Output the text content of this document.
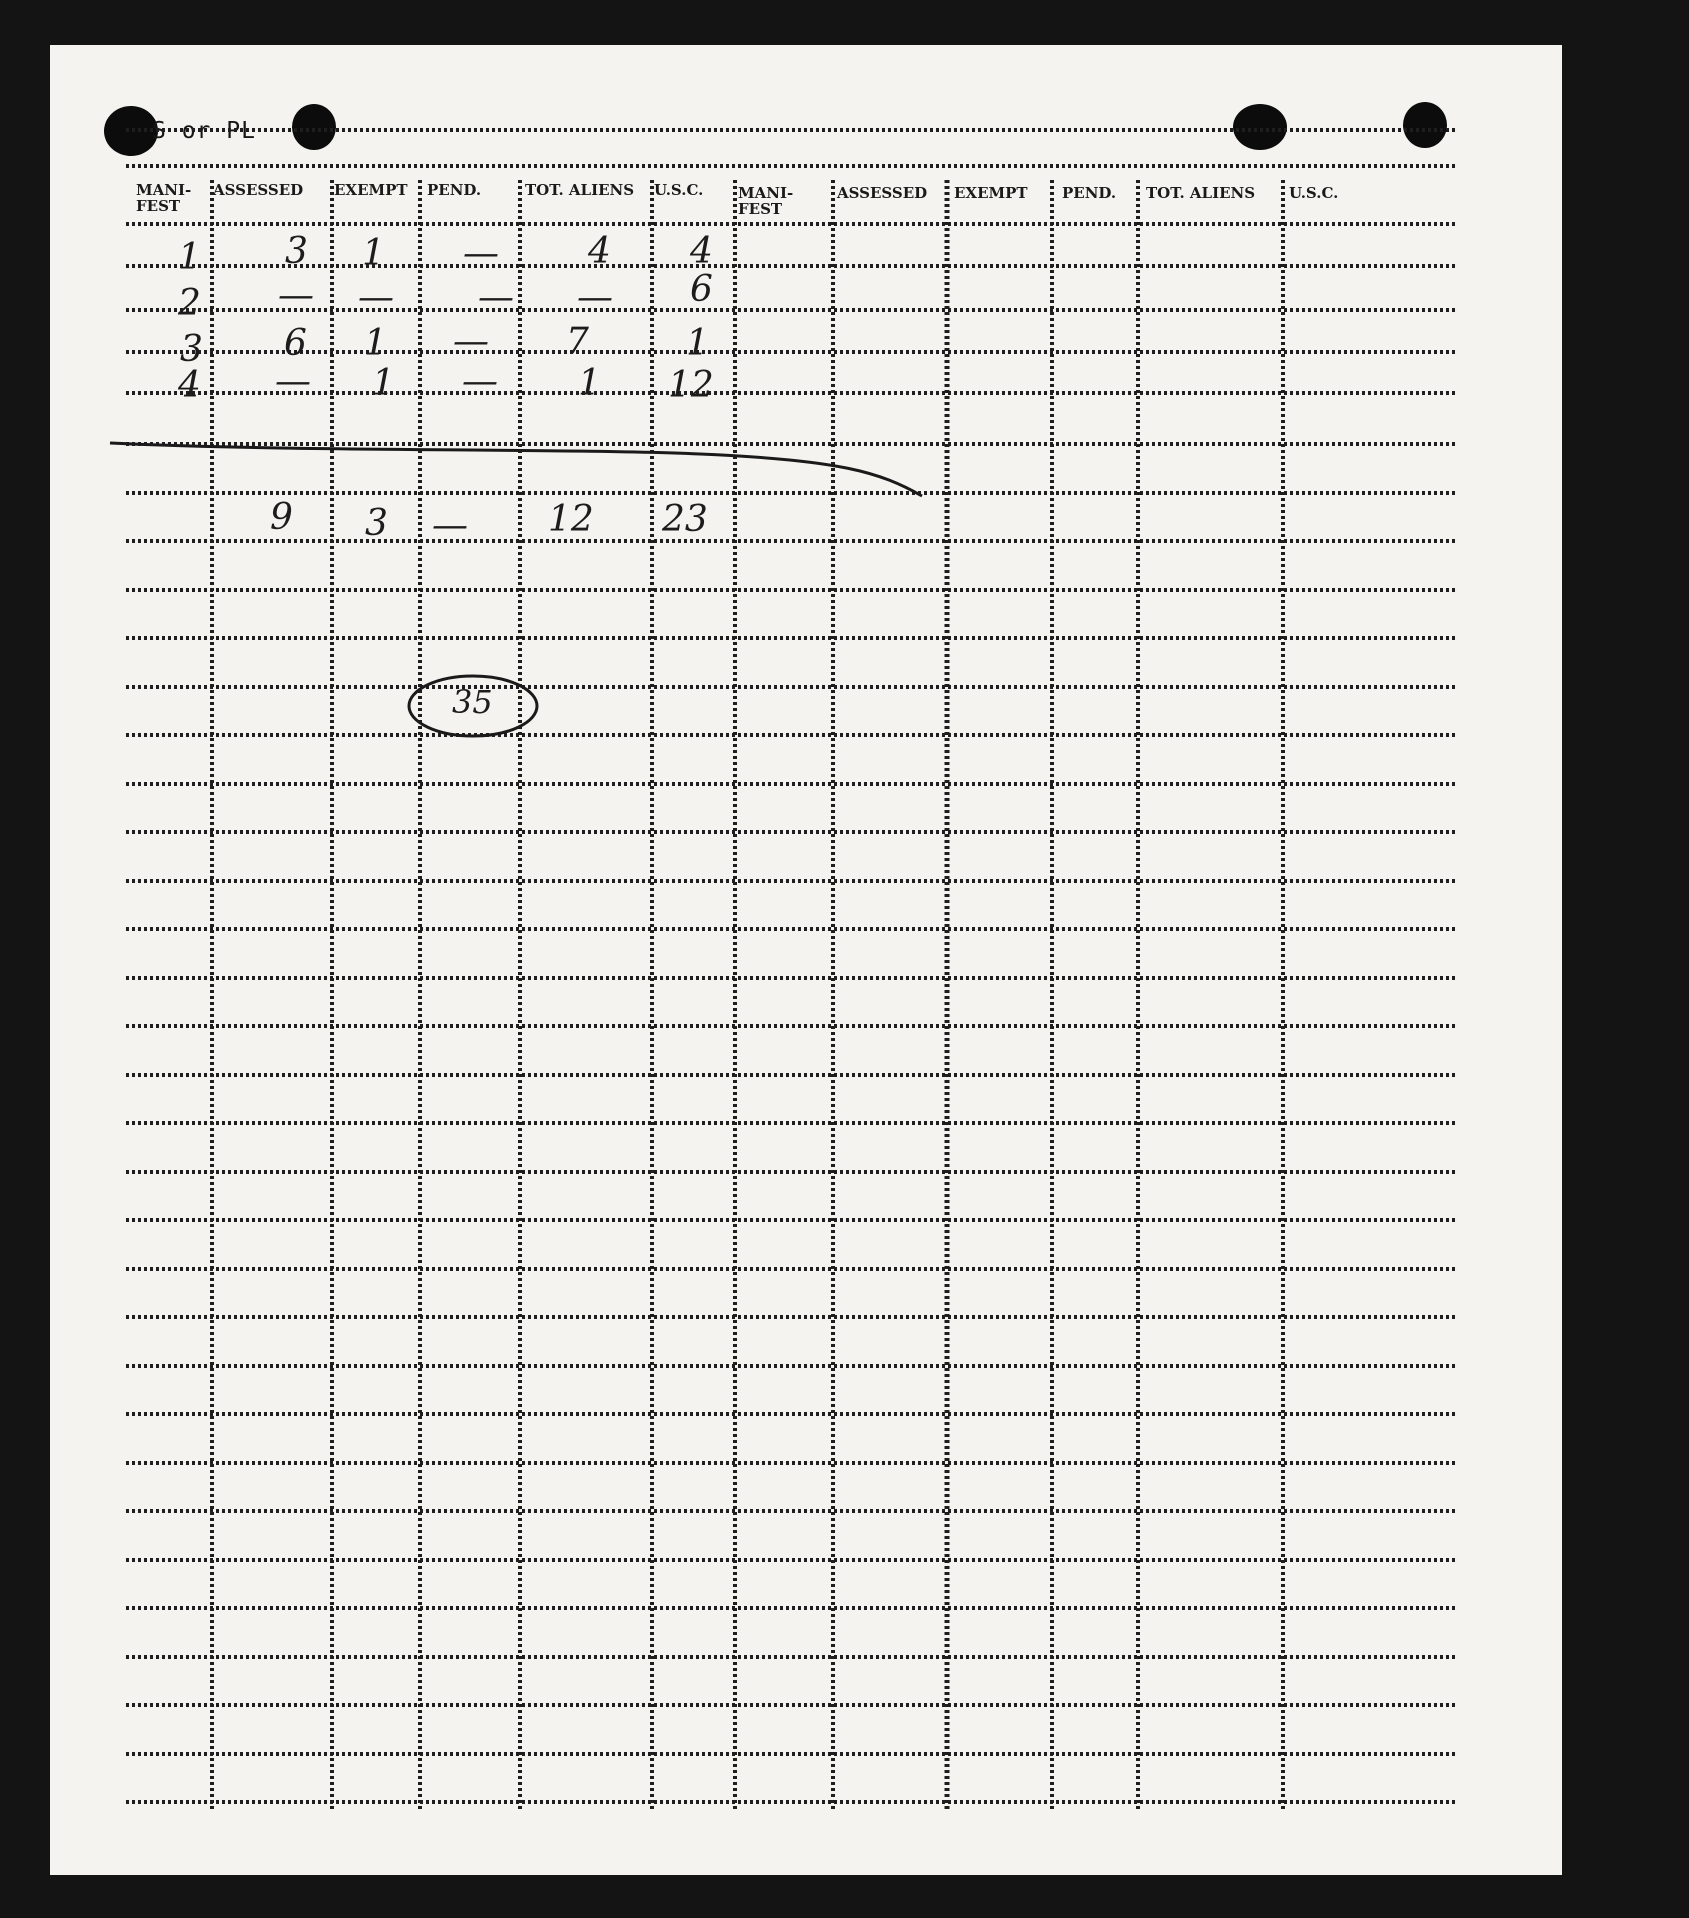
S or PL
MANI-
FEST
ASSESSED EXEMPT PEND.	TOT. ALIENS U.S.C. MANI-
FEST
ASSESSED EXEMPT PEND. TOT. ALIENS U.S.C.
1 3 1 — 4 4
2 — — — — 6
3 6 1 — 7	1
4 — 1 — 1 12
9 3 — 12 23
35
